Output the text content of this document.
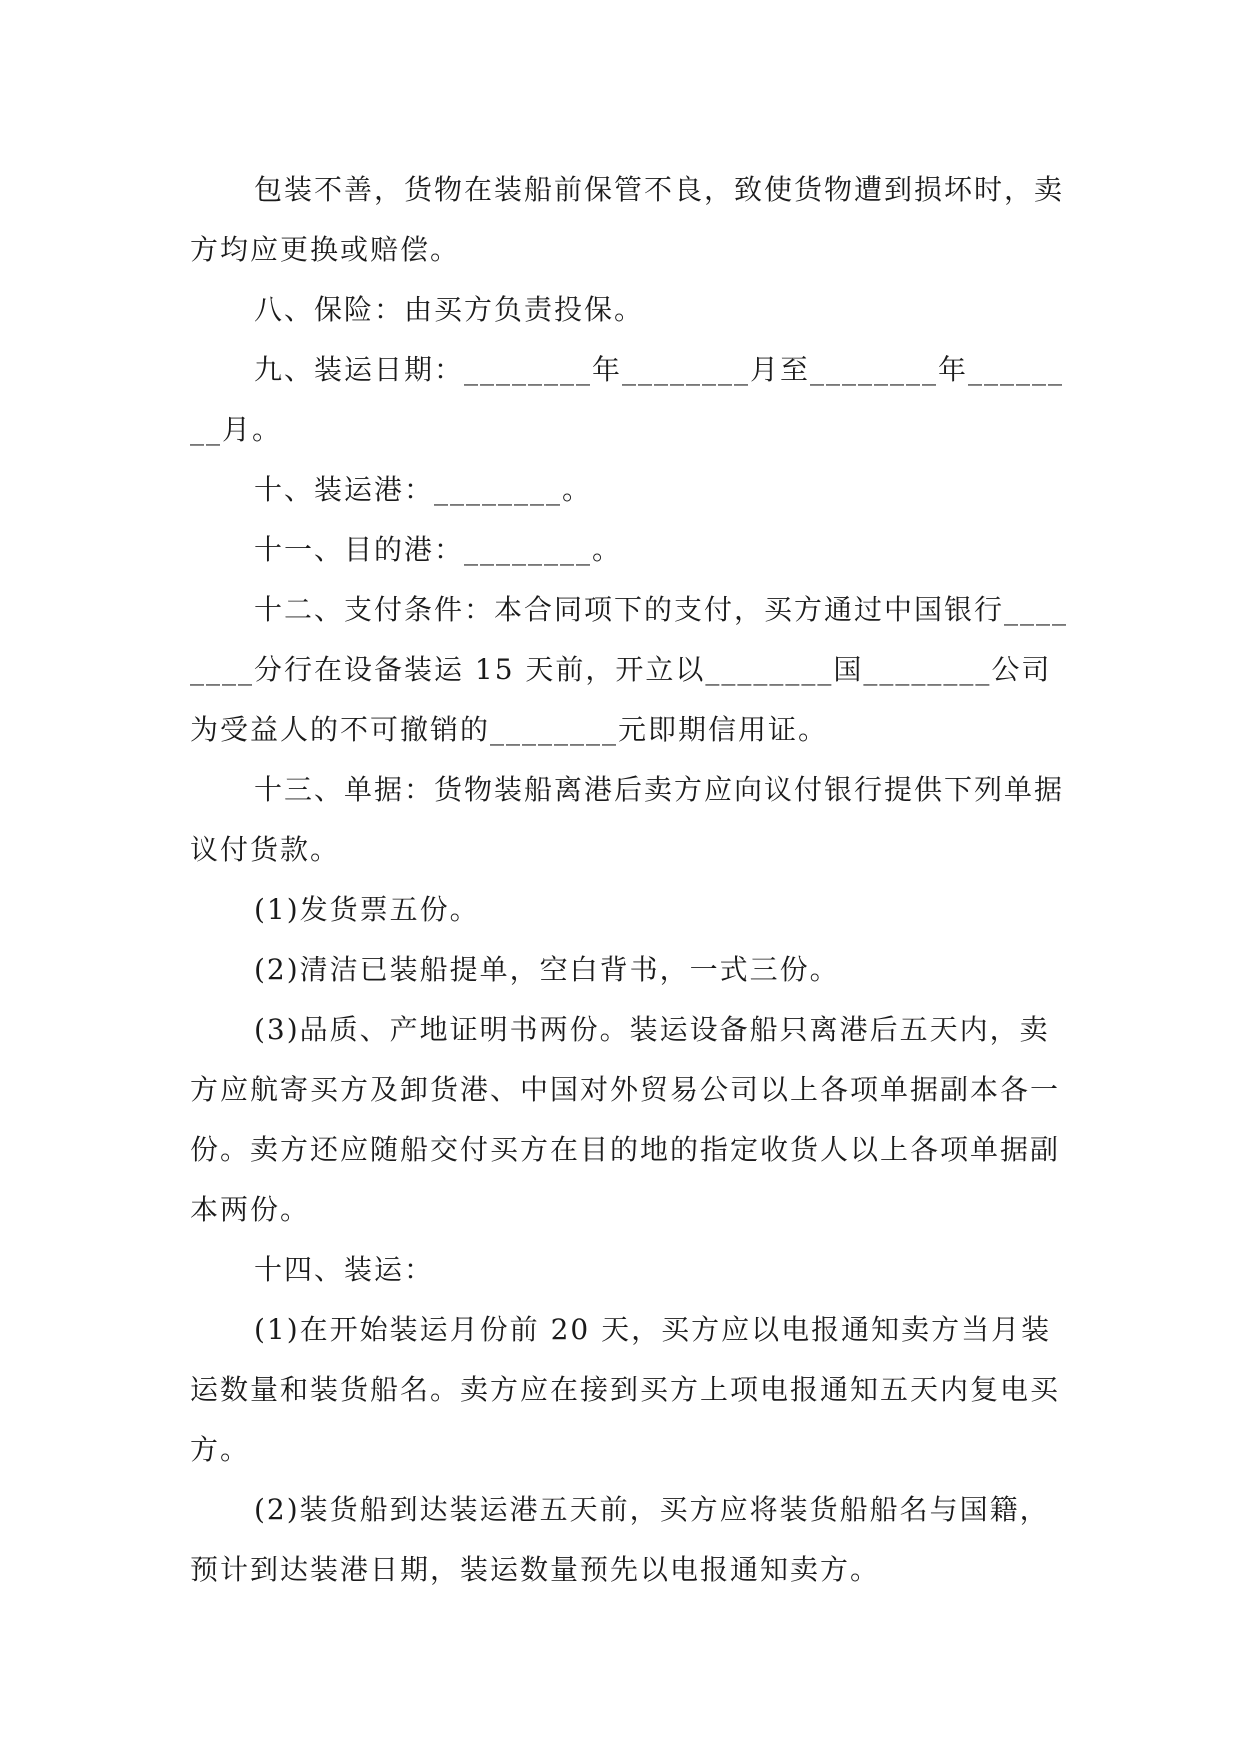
包装不善，货物在装船前保管不良，致使货物遭到损坏时，卖方均应更换或赔偿。

八、保险：由买方负责投保。

九、装运日期：________年________月至________年________月。

十、装运港：________。

十一、目的港：________。

十二、支付条件：本合同项下的支付，买方通过中国银行________分行在设备装运 15 天前，开立以________国________公司为受益人的不可撤销的________元即期信用证。

十三、单据：货物装船离港后卖方应向议付银行提供下列单据议付货款。

(1)发货票五份。

(2)清洁已装船提单，空白背书，一式三份。

(3)品质、产地证明书两份。装运设备船只离港后五天内，卖方应航寄买方及卸货港、中国对外贸易公司以上各项单据副本各一份。卖方还应随船交付买方在目的地的指定收货人以上各项单据副本两份。

十四、装运：

(1)在开始装运月份前 20 天，买方应以电报通知卖方当月装运数量和装货船名。卖方应在接到买方上项电报通知五天内复电买方。

(2)装货船到达装运港五天前，买方应将装货船船名与国籍，预计到达装港日期，装运数量预先以电报通知卖方。
